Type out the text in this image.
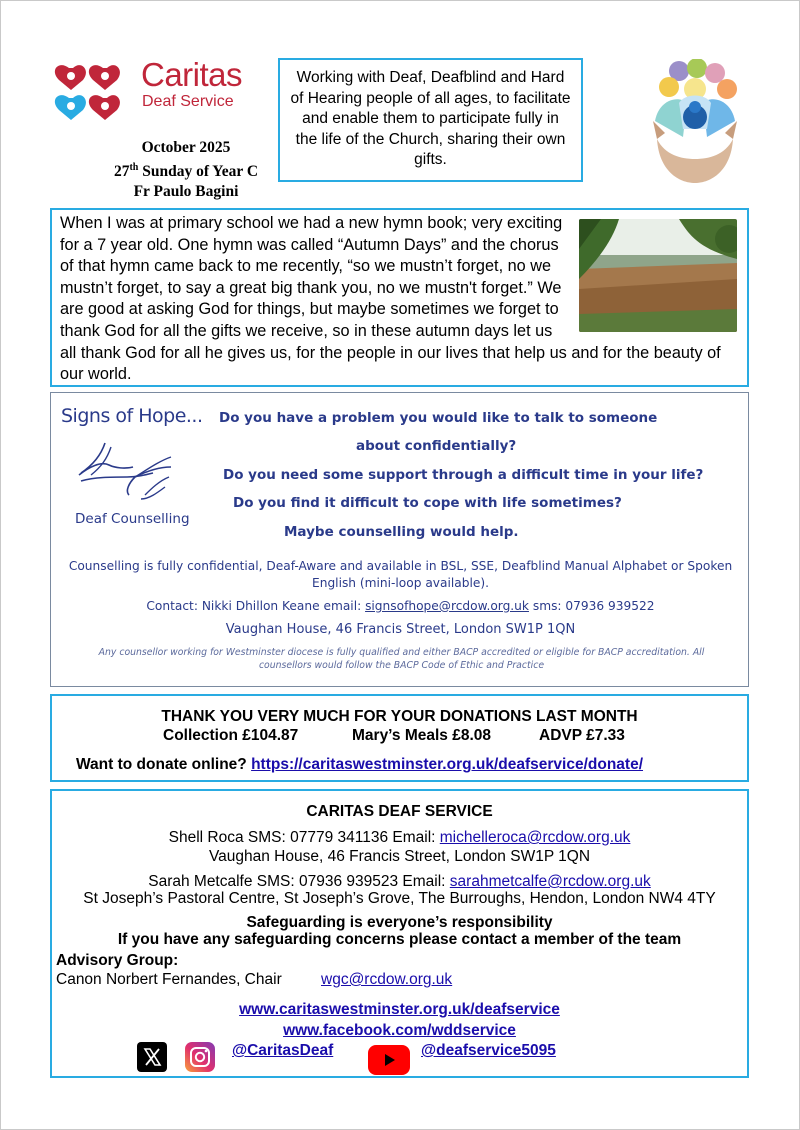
Caritas
Deaf Service
October 2025
27th Sunday of Year C
Fr Paulo Bagini
Working with Deaf, Deafblind and Hard of Hearing people of all ages, to facilitate and enable them to participate fully in the life of the Church, sharing their own gifts.
When I was at primary school we had a new hymn book; very exciting for a 7 year old. One hymn was called “Autumn Days” and the chorus of that hymn came back to me recently, “so we mustn’t forget, no we mustn’t forget, to say a great big thank you, no we mustn't forget.” We are good at asking God for things, but maybe sometimes we forget to thank God for all the gifts we receive, so in these autumn days let us all thank God for all he gives us, for the people in our lives that help us and for the beauty of our world.
Signs of Hope...
Deaf Counselling
Do you have a problem you would like to talk to someone
about confidentially?
Do you need some support through a difficult time in your life?
Do you find it difficult to cope with life sometimes?
Maybe counselling would help.
Counselling is fully confidential, Deaf-Aware and available in BSL, SSE, Deafblind Manual Alphabet or Spoken English (mini-loop available).
Contact: Nikki Dhillon Keane email: signsofhope@rcdow.org.uk sms: 07936 939522
Vaughan House, 46 Francis Street, London SW1P 1QN
Any counsellor working for Westminster diocese is fully qualified and either BACP accredited or eligible for BACP accreditation. All counsellors would follow the BACP Code of Ethic and Practice
THANK YOU VERY MUCH FOR YOUR DONATIONS LAST MONTH
Collection £104.87	Mary’s Meals £8.08	ADVP £7.33
Want to donate online? https://caritaswestminster.org.uk/deafservice/donate/
CARITAS DEAF SERVICE
Shell Roca SMS: 07779 341136 Email: michelleroca@rcdow.org.uk
Vaughan House, 46 Francis Street, London SW1P 1QN
Sarah Metcalfe SMS: 07936 939523 Email: sarahmetcalfe@rcdow.org.uk
St Joseph’s Pastoral Centre, St Joseph’s Grove, The Burroughs, Hendon, London NW4 4TY
Safeguarding is everyone’s responsibility
If you have any safeguarding concerns please contact a member of the team
Advisory Group:
Canon Norbert Fernandes, Chair	wgc@rcdow.org.uk
www.caritaswestminster.org.uk/deafservice
www.facebook.com/wddservice
@CaritasDeaf	@deafservice5095
